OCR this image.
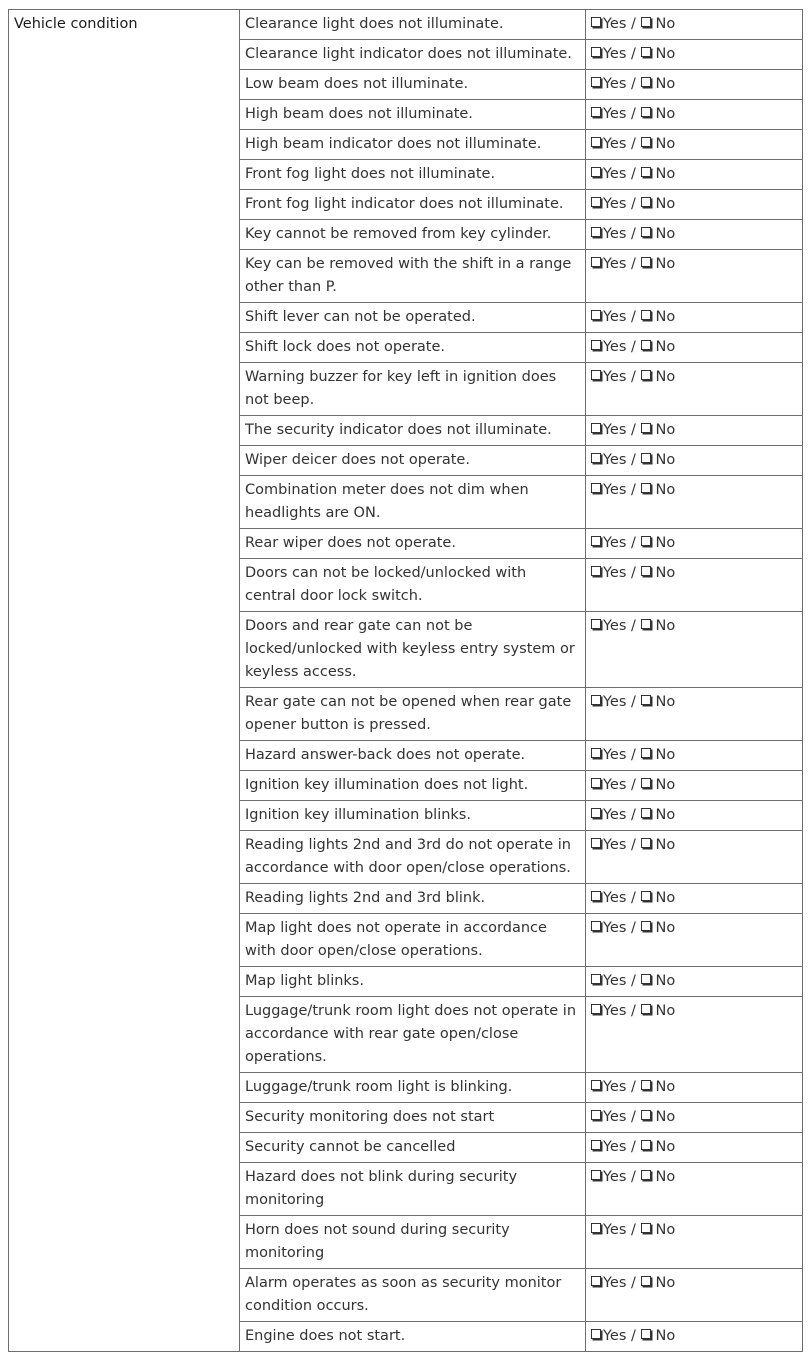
Vehicle condition	Clearance light does not illuminate.	Yes / No
	Clearance light indicator does not illuminate.	Yes / No
	Low beam does not illuminate.	Yes / No
	High beam does not illuminate.	Yes / No
	High beam indicator does not illuminate.	Yes / No
	Front fog light does not illuminate.	Yes / No
	Front fog light indicator does not illuminate.	Yes / No
	Key cannot be removed from key cylinder.	Yes / No
	Key can be removed with the shift in a range other than P.	Yes / No
	Shift lever can not be operated.	Yes / No
	Shift lock does not operate.	Yes / No
	Warning buzzer for key left in ignition does not beep.	Yes / No
	The security indicator does not illuminate.	Yes / No
	Wiper deicer does not operate.	Yes / No
	Combination meter does not dim when headlights are ON.	Yes / No
	Rear wiper does not operate.	Yes / No
	Doors can not be locked/unlocked with central door lock switch.	Yes / No
	Doors and rear gate can not be locked/unlocked with keyless entry system or keyless access.	Yes / No
	Rear gate can not be opened when rear gate opener button is pressed.	Yes / No
	Hazard answer-back does not operate.	Yes / No
	Ignition key illumination does not light.	Yes / No
	Ignition key illumination blinks.	Yes / No
	Reading lights 2nd and 3rd do not operate in accordance with door open/close operations.	Yes / No
	Reading lights 2nd and 3rd blink.	Yes / No
	Map light does not operate in accordance with door open/close operations.	Yes / No
	Map light blinks.	Yes / No
	Luggage/trunk room light does not operate in accordance with rear gate open/close operations.	Yes / No
	Luggage/trunk room light is blinking.	Yes / No
	Security monitoring does not start	Yes / No
	Security cannot be cancelled	Yes / No
	Hazard does not blink during security monitoring	Yes / No
	Horn does not sound during security monitoring	Yes / No
	Alarm operates as soon as security monitor condition occurs.	Yes / No
	Engine does not start.	Yes / No
